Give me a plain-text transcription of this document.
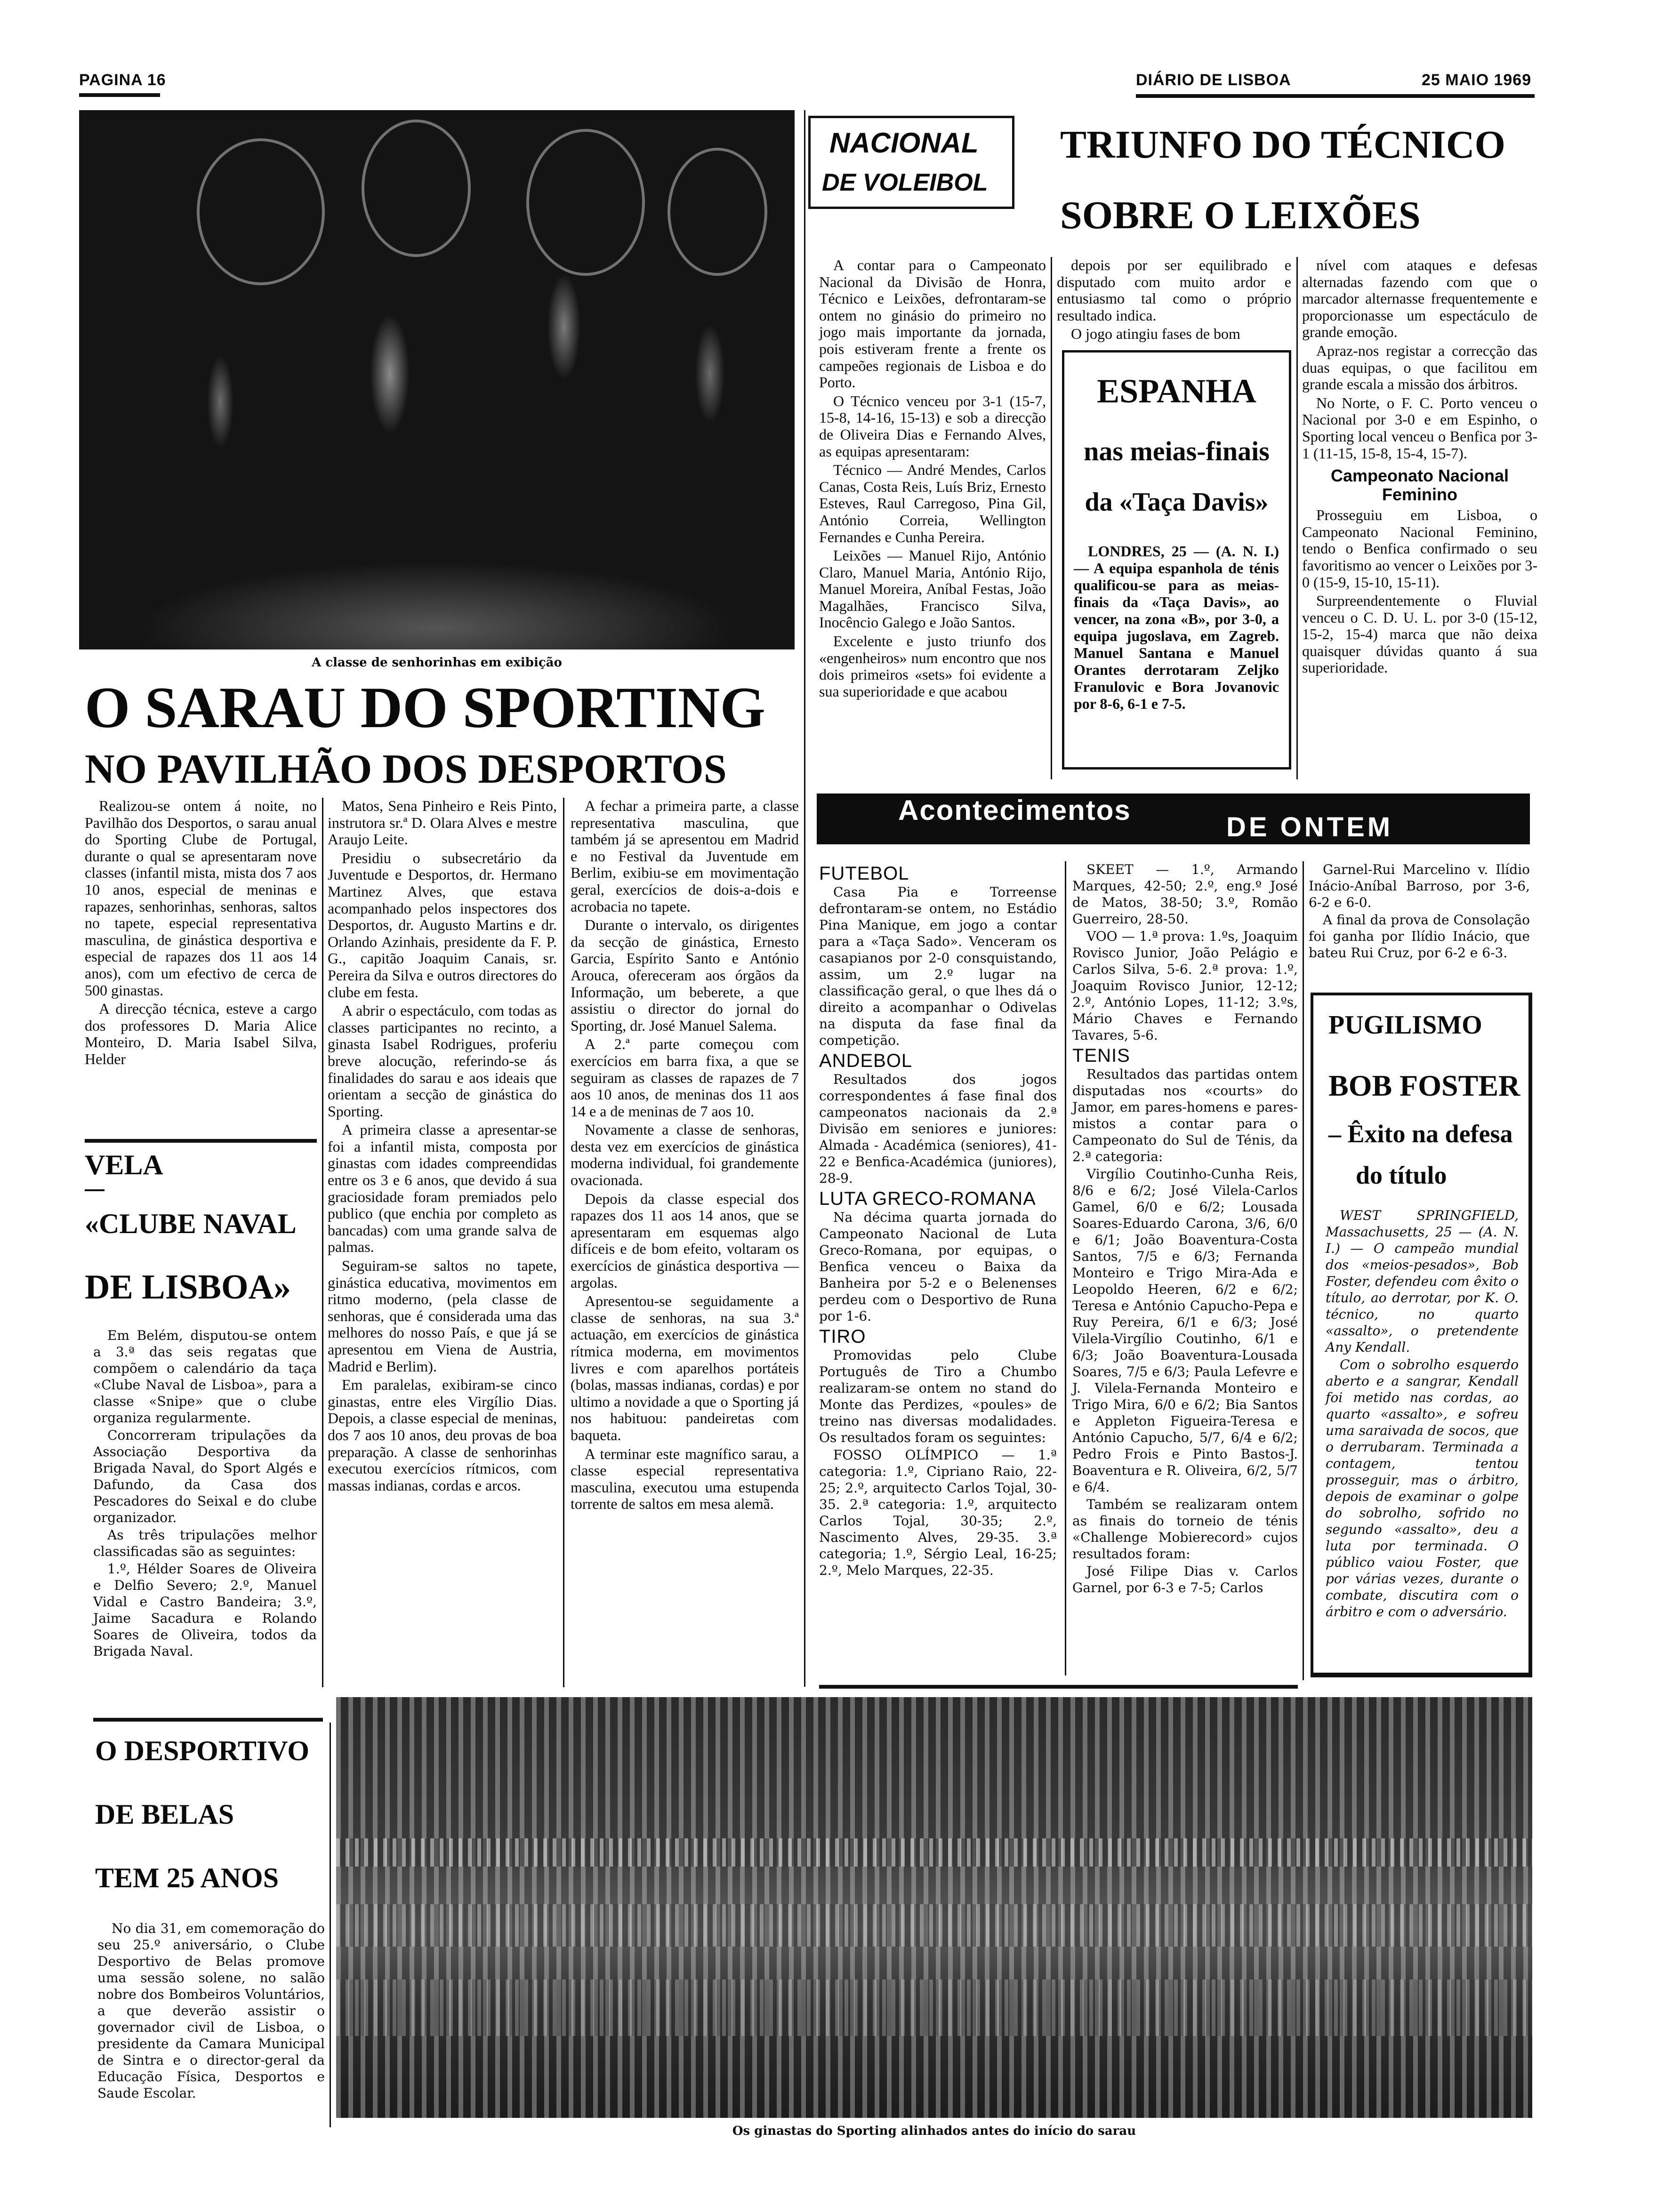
PAGINA 16	DIÁRIO DE LISBOA	25 MAIO 1969
A classe de senhorinhas em exibição
O SARAU DO SPORTING
NO PAVILHÃO DOS DESPORTOS

Realizou-se ontem á noite, no Pavilhão dos Desportos, o sarau anual do Sporting Clube de Portugal, durante o qual se apresentaram nove classes (infantil mista, mista dos 7 aos 10 anos, especial de meninas e rapazes, senhorinhas, senhoras, saltos no tapete, especial representativa masculina, de ginástica desportiva e especial de rapazes dos 11 aos 14 anos), com um efectivo de cerca de 500 ginastas.

A direcção técnica, esteve a cargo dos professores D. Maria Alice Monteiro, D. Maria Isabel Silva, Helder

Matos, Sena Pinheiro e Reis Pinto, instrutora sr.ª D. Olara Alves e mestre Araujo Leite.

Presidiu o subsecretário da Juventude e Desportos, dr. Hermano Martinez Alves, que estava acompanhado pelos inspectores dos Desportos, dr. Augusto Martins e dr. Orlando Azinhais, presidente da F. P. G., capitão Joaquim Canais, sr. Pereira da Silva e outros directores do clube em festa.

A abrir o espectáculo, com todas as classes participantes no recinto, a ginasta Isabel Rodrigues, proferiu breve alocução, referindo-se ás finalidades do sarau e aos ideais que orientam a secção de ginástica do Sporting.

A primeira classe a apresentar-se foi a infantil mista, composta por ginastas com idades compreendidas entre os 3 e 6 anos, que devido á sua graciosidade foram premiados pelo publico (que enchia por completo as bancadas) com uma grande salva de palmas.

Seguiram-se saltos no tapete, ginástica educativa, movimentos em ritmo moderno, (pela classe de senhoras, que é considerada uma das melhores do nosso País, e que já se apresentou em Viena de Austria, Madrid e Berlim).

Em paralelas, exibiram-se cinco ginastas, entre eles Virgílio Dias. Depois, a classe especial de meninas, dos 7 aos 10 anos, deu provas de boa preparação. A classe de senhorinhas executou exercícios rítmicos, com massas indianas, cordas e arcos.

A fechar a primeira parte, a classe representativa masculina, que também já se apresentou em Madrid e no Festival da Juventude em Berlim, exibiu-se em movimentação geral, exercícios de dois-a-dois e acrobacia no tapete.

Durante o intervalo, os dirigentes da secção de ginástica, Ernesto Garcia, Espírito Santo e António Arouca, ofereceram aos órgãos da Informação, um beberete, a que assistiu o director do jornal do Sporting, dr. José Manuel Salema.

A 2.ª parte começou com exercícios em barra fixa, a que se seguiram as classes de rapazes de 7 aos 10 anos, de meninas dos 11 aos 14 e a de meninas de 7 aos 10.

Novamente a classe de senhoras, desta vez em exercícios de ginástica moderna individual, foi grandemente ovacionada.

Depois da classe especial dos rapazes dos 11 aos 14 anos, que se apresentaram em esquemas algo difíceis e de bom efeito, voltaram os exercícios de ginástica desportiva — argolas.

Apresentou-se seguidamente a classe de senhoras, na sua 3.ª actuação, em exercícios de ginástica rítmica moderna, em movimentos livres e com aparelhos portáteis (bolas, massas indianas, cordas) e por ultimo a novidade a que o Sporting já nos habituou: pandeiretas com baqueta.

A terminar este magnífico sarau, a classe especial representativa masculina, executou uma estupenda torrente de saltos em mesa alemã.

VELA
«CLUBE NAVAL
DE LISBOA»

Em Belém, disputou-se ontem a 3.ª das seis regatas que compõem o calendário da taça «Clube Naval de Lisboa», para a classe «Snipe» que o clube organiza regularmente.

Concorreram tripulações da Associação Desportiva da Brigada Naval, do Sport Algés e Dafundo, da Casa dos Pescadores do Seixal e do clube organizador.

As três tripulações melhor classificadas são as seguintes:

1.º, Hélder Soares de Oliveira e Delfio Severo; 2.º, Manuel Vidal e Castro Bandeira; 3.º, Jaime Sacadura e Rolando Soares de Oliveira, todos da Brigada Naval.

O DESPORTIVO
DE BELAS
TEM 25 ANOS

No dia 31, em comemoração do seu 25.º aniversário, o Clube Desportivo de Belas promove uma sessão solene, no salão nobre dos Bombeiros Voluntários, a que deverão assistir o governador civil de Lisboa, o presidente da Camara Municipal de Sintra e o director-geral da Educação Física, Desportos e Saude Escolar.

Os ginastas do Sporting alinhados antes do início do sarau
NACIONAL
DE VOLEIBOL
TRIUNFO DO TÉCNICO
SOBRE O LEIXÕES

A contar para o Campeonato Nacional da Divisão de Honra, Técnico e Leixões, defrontaram-se ontem no ginásio do primeiro no jogo mais importante da jornada, pois estiveram frente a frente os campeões regionais de Lisboa e do Porto.

O Técnico venceu por 3-1 (15-7, 15-8, 14-16, 15-13) e sob a direcção de Oliveira Dias e Fernando Alves, as equipas apresentaram:

Técnico — André Mendes, Carlos Canas, Costa Reis, Luís Briz, Ernesto Esteves, Raul Carregoso, Pina Gil, António Correia, Wellington Fernandes e Cunha Pereira.

Leixões — Manuel Rijo, António Claro, Manuel Maria, António Rijo, Manuel Moreira, Aníbal Festas, João Magalhães, Francisco Silva, Inocêncio Galego e João Santos.

Excelente e justo triunfo dos «engenheiros» num encontro que nos dois primeiros «sets» foi evidente a sua superioridade e que acabou

depois por ser equilibrado e disputado com muito ardor e entusiasmo tal como o próprio resultado indica.

O jogo atingiu fases de bom

nível com ataques e defesas alternadas fazendo com que o marcador alternasse frequentemente e proporcionasse um espectáculo de grande emoção.

Apraz-nos registar a correcção das duas equipas, o que facilitou em grande escala a missão dos árbitros.

No Norte, o F. C. Porto venceu o Nacional por 3-0 e em Espinho, o Sporting local venceu o Benfica por 3-1 (11-15, 15-8, 15-4, 15-7).

Campeonato Nacional Feminino

Prosseguiu em Lisboa, o Campeonato Nacional Feminino, tendo o Benfica confirmado o seu favoritismo ao vencer o Leixões por 3-0 (15-9, 15-10, 15-11).

Surpreendentemente o Fluvial venceu o C. D. U. L. por 3-0 (15-12, 15-2, 15-4) marca que não deixa quaisquer dúvidas quanto á sua superioridade.

ESPANHA
nas meias-finais
da «Taça Davis»

LONDRES, 25 — (A. N. I.) — A equipa espanhola de ténis qualificou-se para as meias-finais da «Taça Davis», ao vencer, na zona «B», por 3-0, a equipa jugoslava, em Zagreb. Manuel Santana e Manuel Orantes derrotaram Zeljko Franulovic e Bora Jovanovic por 8-6, 6-1 e 7-5.

Acontecimentos
DE ONTEM
FUTEBOL

Casa Pia e Torreense defrontaram-se ontem, no Estádio Pina Manique, em jogo a contar para a «Taça Sado». Venceram os casapianos por 2-0 consquistando, assim, um 2.º lugar na classificação geral, o que lhes dá o direito a acompanhar o Odivelas na disputa da fase final da competição.

ANDEBOL

Resultados dos jogos correspondentes á fase final dos campeonatos nacionais da 2.ª Divisão em seniores e juniores: Almada - Académica (seniores), 41-22 e Benfica-Académica (juniores), 28-9.

LUTA GRECO-ROMANA

Na décima quarta jornada do Campeonato Nacional de Luta Greco-Romana, por equipas, o Benfica venceu o Baixa da Banheira por 5-2 e o Belenenses perdeu com o Desportivo de Runa por 1-6.

TIRO

Promovidas pelo Clube Português de Tiro a Chumbo realizaram-se ontem no stand do Monte das Perdizes, «poules» de treino nas diversas modalidades. Os resultados foram os seguintes:

FOSSO OLÍMPICO — 1.ª categoria: 1.º, Cipriano Raio, 22-25; 2.º, arquitecto Carlos Tojal, 30-35. 2.ª categoria: 1.º, arquitecto Carlos Tojal, 30-35; 2.º, Nascimento Alves, 29-35. 3.ª categoria; 1.º, Sérgio Leal, 16-25; 2.º, Melo Marques, 22-35.

SKEET — 1.º, Armando Marques, 42-50; 2.º, eng.º José de Matos, 38-50; 3.º, Romão Guerreiro, 28-50.

VOO — 1.ª prova: 1.ºs, Joaquim Rovisco Junior, João Pelágio e Carlos Silva, 5-6. 2.ª prova: 1.º, Joaquim Rovisco Junior, 12-12; 2.º, António Lopes, 11-12; 3.ºs, Mário Chaves e Fernando Tavares, 5-6.

TENIS

Resultados das partidas ontem disputadas nos «courts» do Jamor, em pares-homens e pares-mistos a contar para o Campeonato do Sul de Ténis, da 2.ª categoria:

Virgílio Coutinho-Cunha Reis, 8/6 e 6/2; José Vilela-Carlos Gamel, 6/0 e 6/2; Lousada Soares-Eduardo Carona, 3/6, 6/0 e 6/1; João Boaventura-Costa Santos, 7/5 e 6/3; Fernanda Monteiro e Trigo Mira-Ada e Leopoldo Heeren, 6/2 e 6/2; Teresa e António Capucho-Pepa e Ruy Pereira, 6/1 e 6/3; José Vilela-Virgílio Coutinho, 6/1 e 6/3; João Boaventura-Lousada Soares, 7/5 e 6/3; Paula Lefevre e J. Vilela-Fernanda Monteiro e Trigo Mira, 6/0 e 6/2; Bia Santos e Appleton Figueira-Teresa e António Capucho, 5/7, 6/4 e 6/2; Pedro Frois e Pinto Bastos-J. Boaventura e R. Oliveira, 6/2, 5/7 e 6/4.

Também se realizaram ontem as finais do torneio de ténis «Challenge Mobierecord» cujos resultados foram:

José Filipe Dias v. Carlos Garnel, por 6-3 e 7-5; Carlos

Garnel-Rui Marcelino v. Ilídio Inácio-Aníbal Barroso, por 3-6, 6-2 e 6-0.

A final da prova de Consolação foi ganha por Ilídio Inácio, que bateu Rui Cruz, por 6-2 e 6-3.

PUGILISMO
BOB FOSTER
– Êxito na defesa
do título

WEST SPRINGFIELD, Massachusetts, 25 — (A. N. I.) — O campeão mundial dos «meios-pesados», Bob Foster, defendeu com êxito o título, ao derrotar, por K. O. técnico, no quarto «assalto», o pretendente Any Kendall.

Com o sobrolho esquerdo aberto e a sangrar, Kendall foi metido nas cordas, ao quarto «assalto», e sofreu uma saraivada de socos, que o derrubaram. Terminada a contagem, tentou prosseguir, mas o árbitro, depois de examinar o golpe do sobrolho, sofrido no segundo «assalto», deu a luta por terminada. O público vaiou Foster, que por várias vezes, durante o combate, discutira com o árbitro e com o adversário.
